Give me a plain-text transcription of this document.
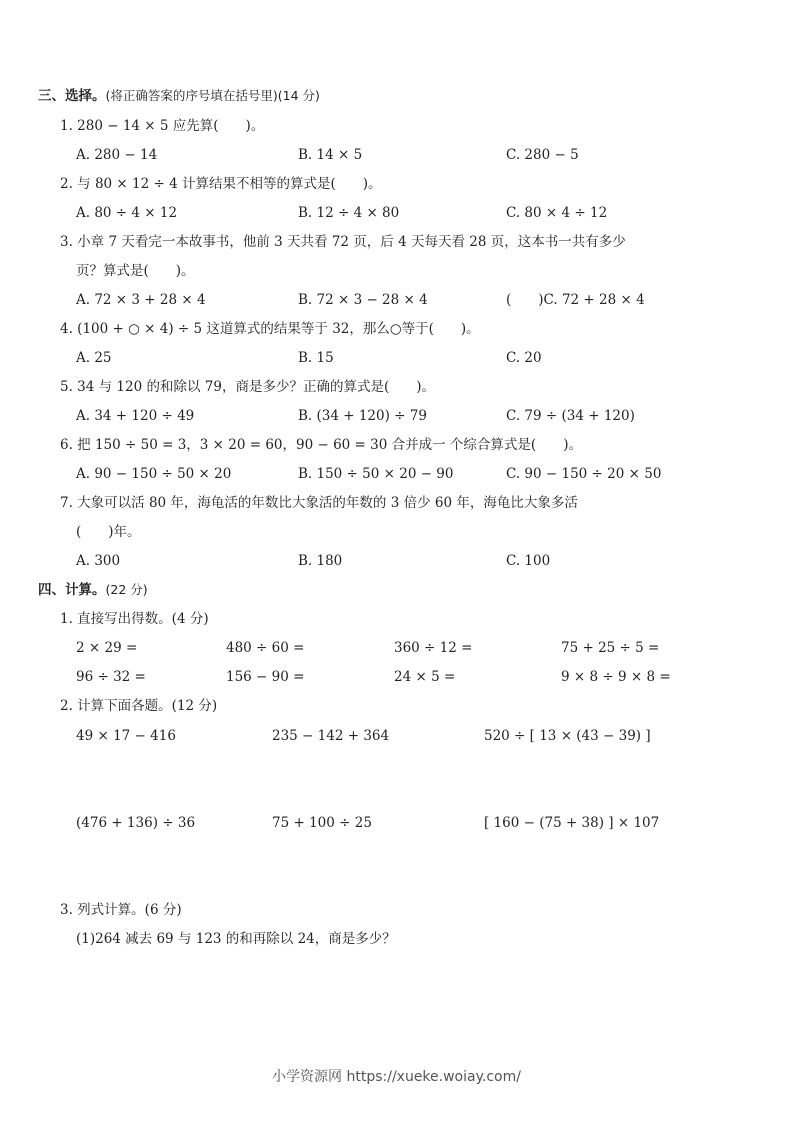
三、选择。(将正确答案的序号填在括号里)(14 分)
1. 280 − 14 × 5 应先算(　　)。
A. 280 − 14	B. 14 × 5	C. 280 − 5
2. 与 80 × 12 ÷ 4 计算结果不相等的算式是(　　)。
A. 80 ÷ 4 × 12	B. 12 ÷ 4 × 80	C. 80 × 4 ÷ 12
3. 小章 7 天看完一本故事书，他前 3 天共看 72 页，后 4 天每天看 28 页，这本书一共有多少
页？算式是(　　)。
A. 72 × 3 + 28 × 4	B. 72 × 3 − 28 × 4	(　　)C. 72 + 28 × 4
4. (100 + ○ × 4) ÷ 5 这道算式的结果等于 32，那么○等于(　　)。
A. 25	B. 15	C. 20
5. 34 与 120 的和除以 79，商是多少？正确的算式是(　　)。
A. 34 + 120 ÷ 49	B. (34 + 120) ÷ 79	C. 79 ÷ (34 + 120)
6. 把 150 ÷ 50 = 3，3 × 20 = 60，90 − 60 = 30 合并成一 个综合算式是(　　)。
A. 90 − 150 ÷ 50 × 20	B. 150 ÷ 50 × 20 − 90	C. 90 − 150 ÷ 20 × 50
7. 大象可以活 80 年，海龟活的年数比大象活的年数的 3 倍少 60 年，海龟比大象多活
(　　)年。
A. 300	B. 180	C. 100
四、计算。(22 分)
1. 直接写出得数。(4 分)
2 × 29 =	480 ÷ 60 =	360 ÷ 12 =	75 + 25 ÷ 5 =
96 ÷ 32 =	156 − 90 =	24 × 5 =	9 × 8 ÷ 9 × 8 =
2. 计算下面各题。(12 分)
49 × 17 − 416	235 − 142 + 364	520 ÷ [ 13 × (43 − 39) ]
(476 + 136) ÷ 36	75 + 100 ÷ 25	[ 160 − (75 + 38) ] × 107
3. 列式计算。(6 分)
(1)264 减去 69 与 123 的和再除以 24，商是多少？
小学资源网 https://xueke.woiay.com/
